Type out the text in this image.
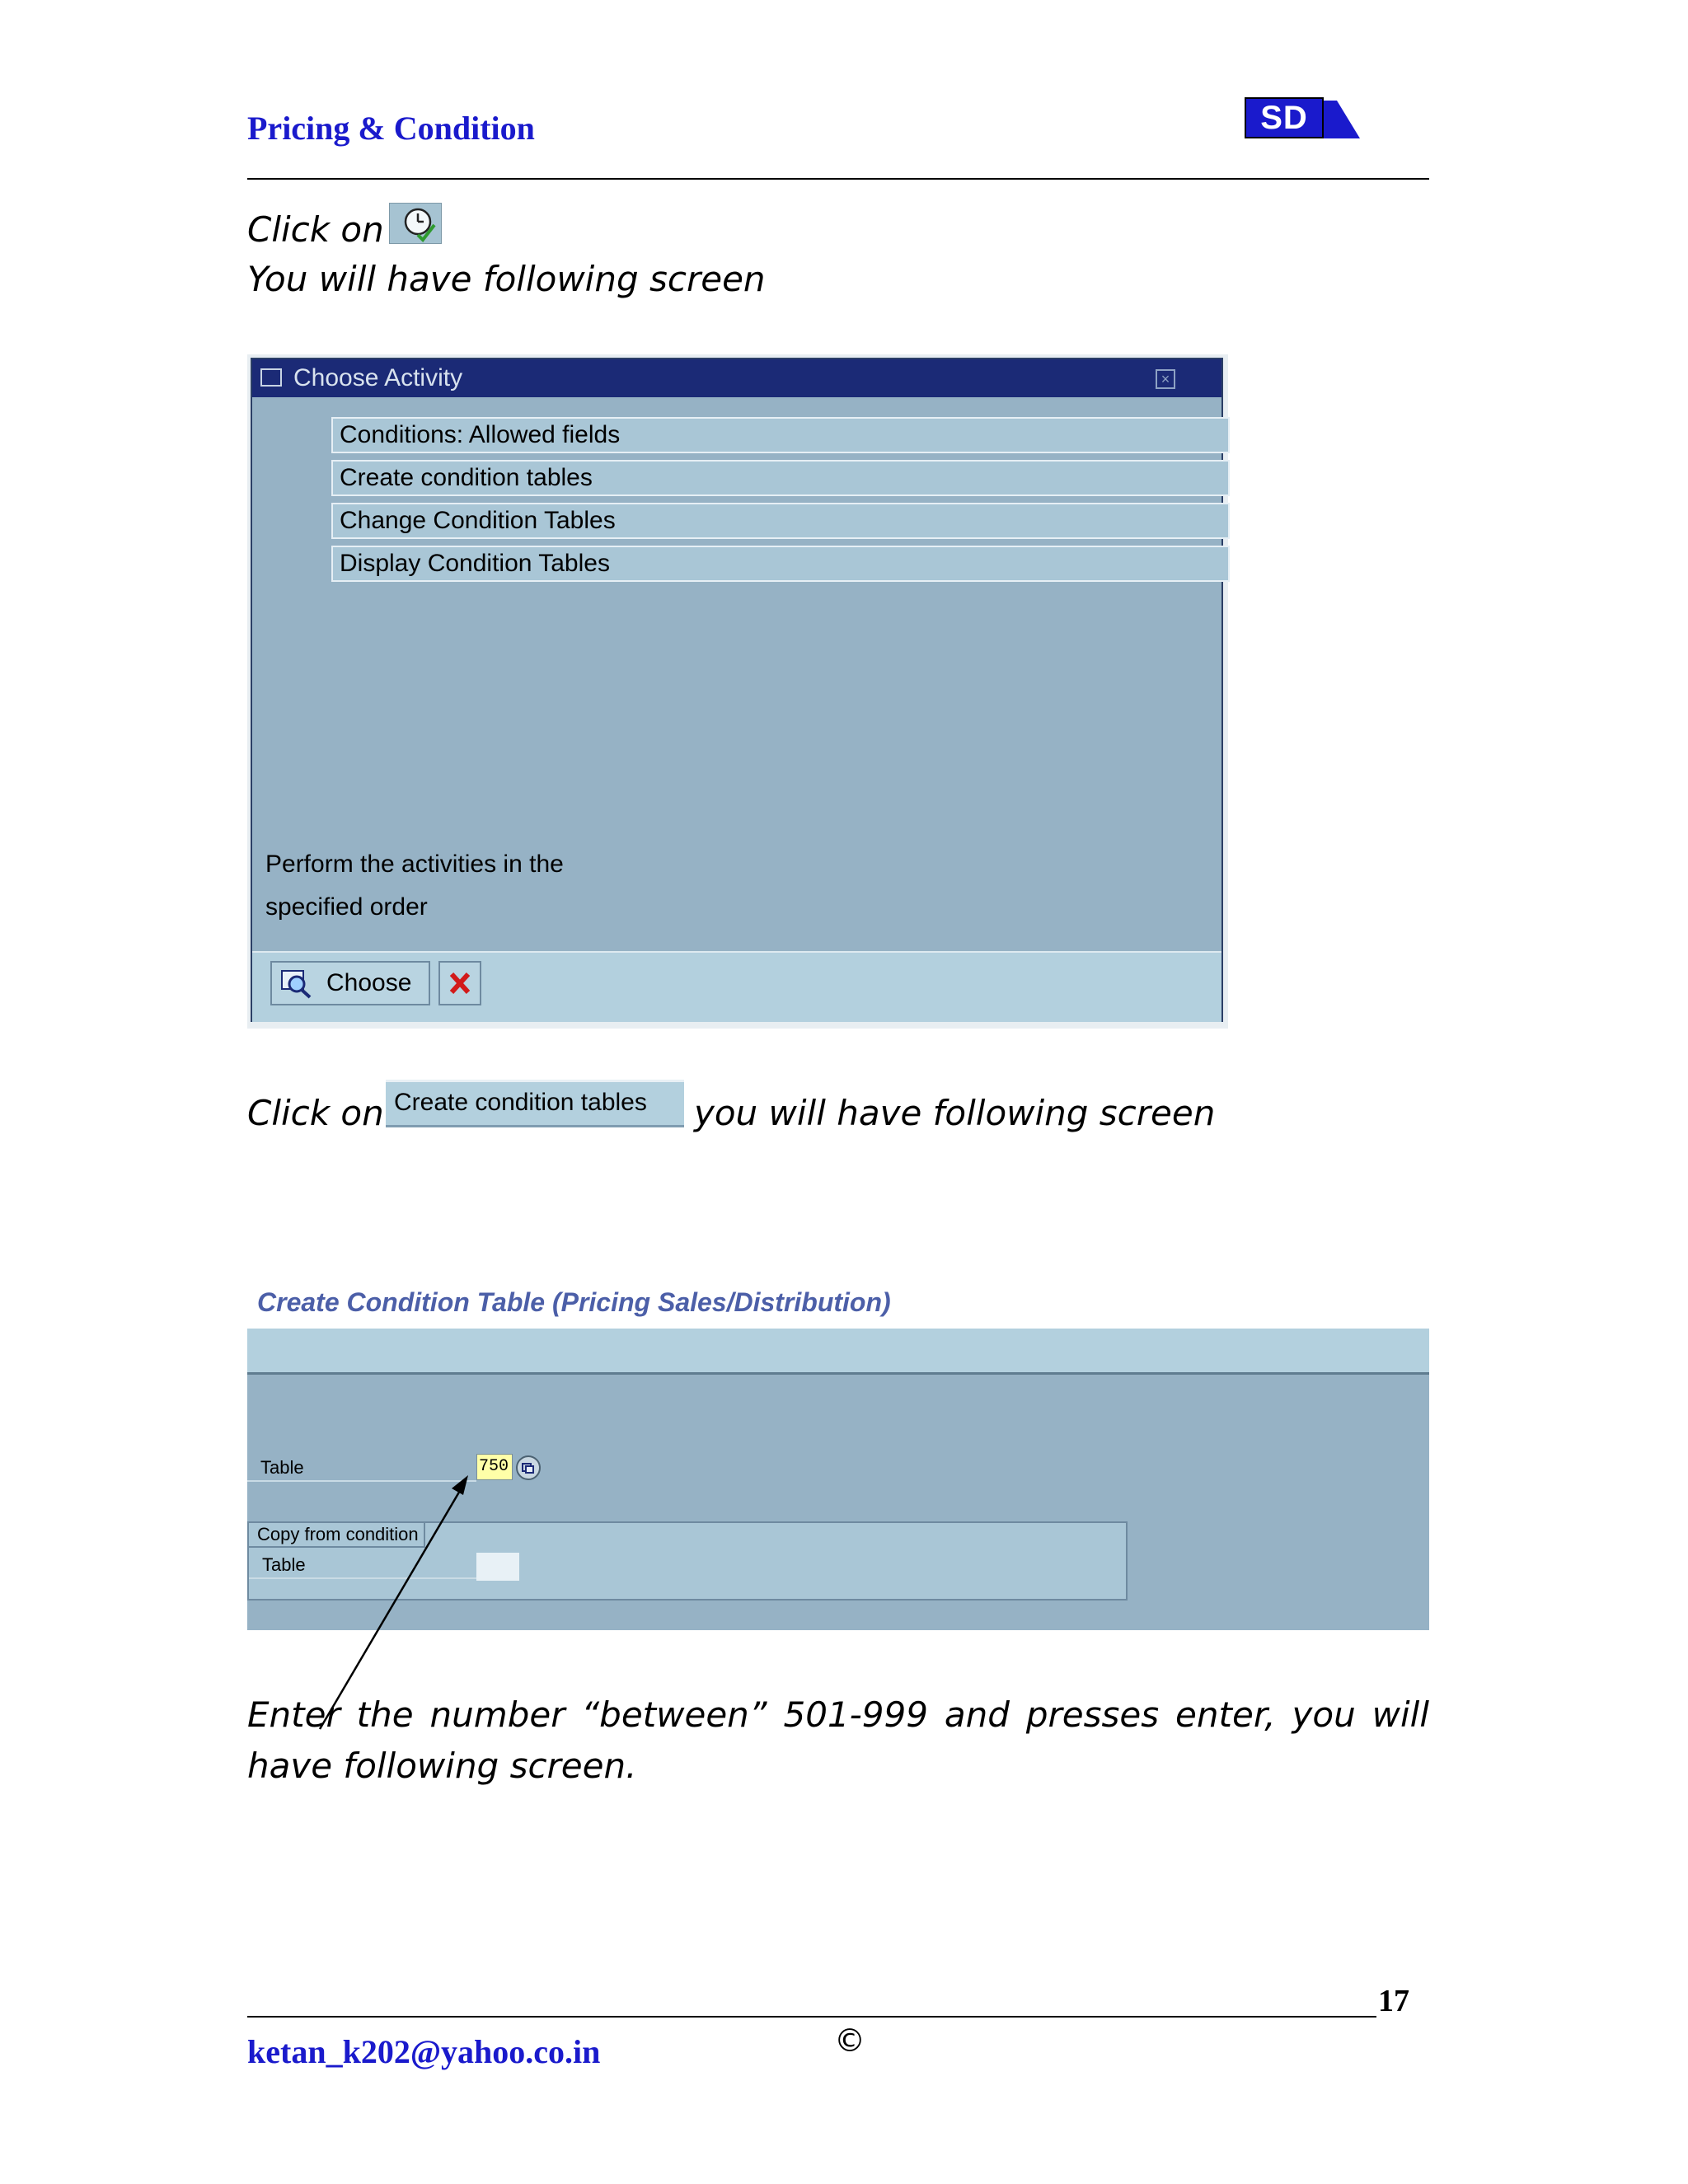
Pricing & Condition	SD
Click on
You will have following screen
Choose Activity	×
Conditions: Allowed fields
Create condition tables
Change Condition Tables
Display Condition Tables
Perform the activities in the
specified order
Choose
Click on Create condition tables	you will have following screen
Create Condition Table (Pricing Sales/Distribution)
Table	750
Copy from condition
Table
Enter the number “between” 501-999 and presses enter, you will have following screen.
17
ketan_k202@yahoo.co.in	©
